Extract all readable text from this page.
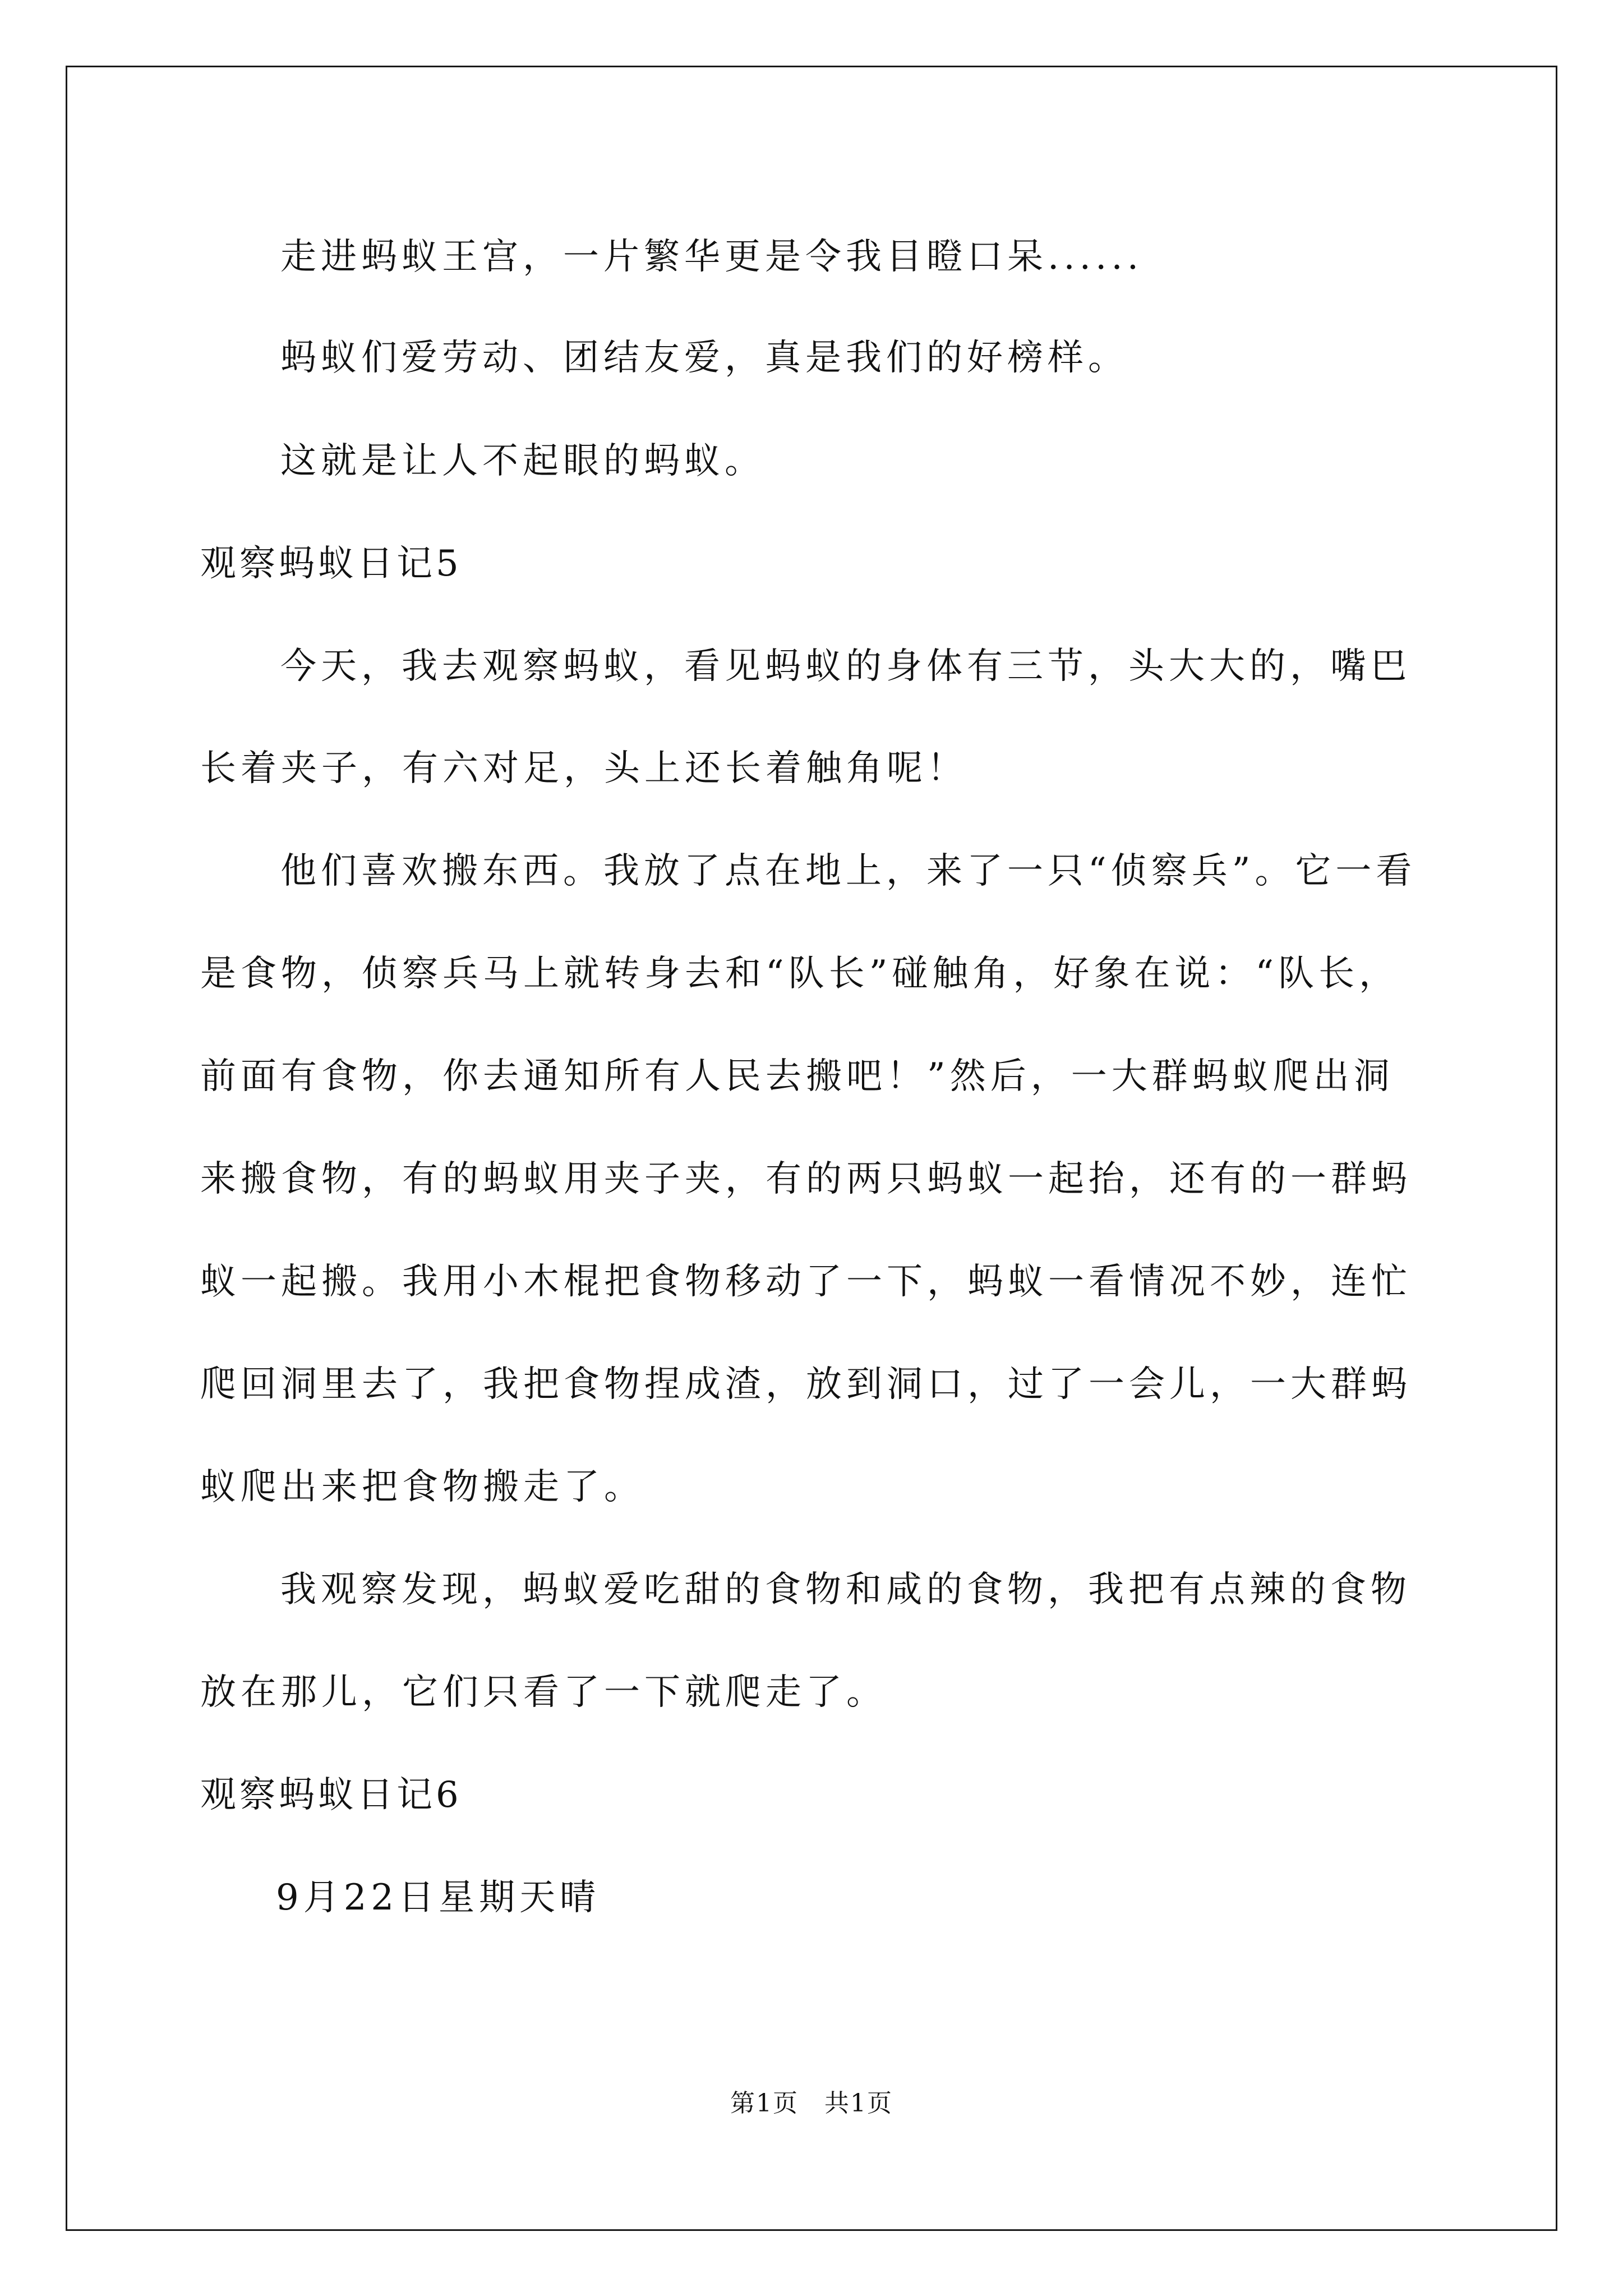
走进蚂蚁王宫，一片繁华更是令我目瞪口呆......
蚂蚁们爱劳动、团结友爱，真是我们的好榜样。
这就是让人不起眼的蚂蚁。
观察蚂蚁日记5
今天，我去观察蚂蚁，看见蚂蚁的身体有三节，头大大的，嘴巴
长着夹子，有六对足，头上还长着触角呢！
他们喜欢搬东西。我放了点在地上，来了一只“侦察兵”。它一看
是食物，侦察兵马上就转身去和“队长”碰触角，好象在说：“队长，
前面有食物，你去通知所有人民去搬吧！”然后，一大群蚂蚁爬出洞
来搬食物，有的蚂蚁用夹子夹，有的两只蚂蚁一起抬，还有的一群蚂
蚁一起搬。我用小木棍把食物移动了一下，蚂蚁一看情况不妙，连忙
爬回洞里去了，我把食物捏成渣，放到洞口，过了一会儿，一大群蚂
蚁爬出来把食物搬走了。
我观察发现，蚂蚁爱吃甜的食物和咸的食物，我把有点辣的食物
放在那儿，它们只看了一下就爬走了。
观察蚂蚁日记6
9月22日星期天晴
第1页　共1页
